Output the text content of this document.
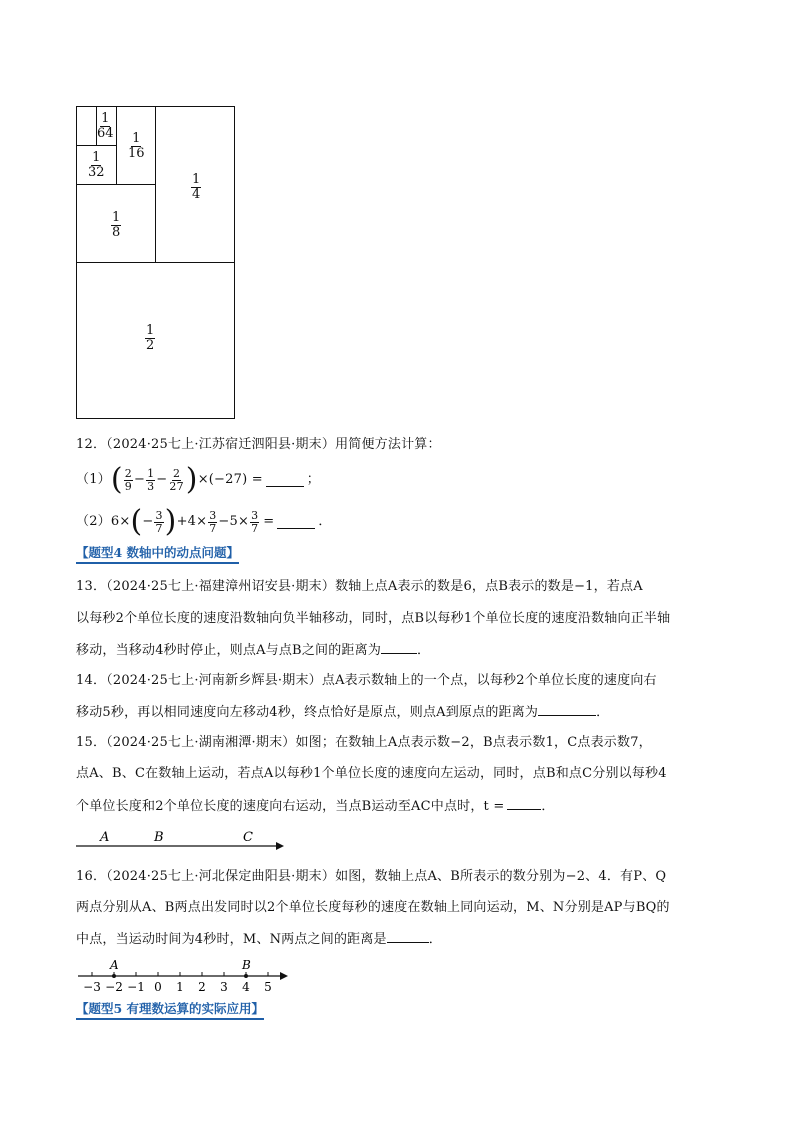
$\frac{1}{64}$
$\frac{1}{32}$
$\frac{1}{16}$
$\frac{1}{8}$
$\frac{1}{4}$
$\frac{1}{2}$
12．（2024·25七上·江苏宿迁泗阳县·期末）用简便方法计算：
（1） ( $\frac{2}{9} - \frac{1}{3} - \frac{2}{27}$ ) ×(−27) =	；
（2） 6× ( − $\frac{3}{7}$ ) $+4\times \frac{3}{7} -5\times \frac{3}{7}$ =	．
【题型4 数轴中的动点问题】
13．（2024·25七上·福建漳州诏安县·期末）数轴上点A表示的数是6，点B表示的数是−1，若点A
以每秒2个单位长度的速度沿数轴向负半轴移动，同时，点B以每秒1个单位长度的速度沿数轴向正半轴
移动，当移动4秒时停止，则点A与点B之间的距离为	．
14．（2024·25七上·河南新乡辉县·期末）点A表示数轴上的一个点，以每秒2个单位长度的速度向右
移动5秒，再以相同速度向左移动4秒，终点恰好是原点，则点A到原点的距离为	．
15．（2024·25七上·湖南湘潭·期末）如图；在数轴上A点表示数−2，B点表示数1，C点表示数7，
点A、B、C在数轴上运动，若点A以每秒1个单位长度的速度向左运动，同时，点B和点C分别以每秒4
个单位长度和2个单位长度的速度向右运动，当点B运动至AC中点时，t =	．
A	B	C
16．（2024·25七上·河北保定曲阳县·期末）如图，数轴上点A、B所表示的数分别为−2、4．有P、Q
两点分别从A、B两点出发同时以2个单位长度每秒的速度在数轴上同向运动，M、N分别是AP与BQ的
中点，当运动时间为4秒时，M、N两点之间的距离是	．
−3 −2 −1 0 1 2 3 4 5
A	B
【题型5 有理数运算的实际应用】
